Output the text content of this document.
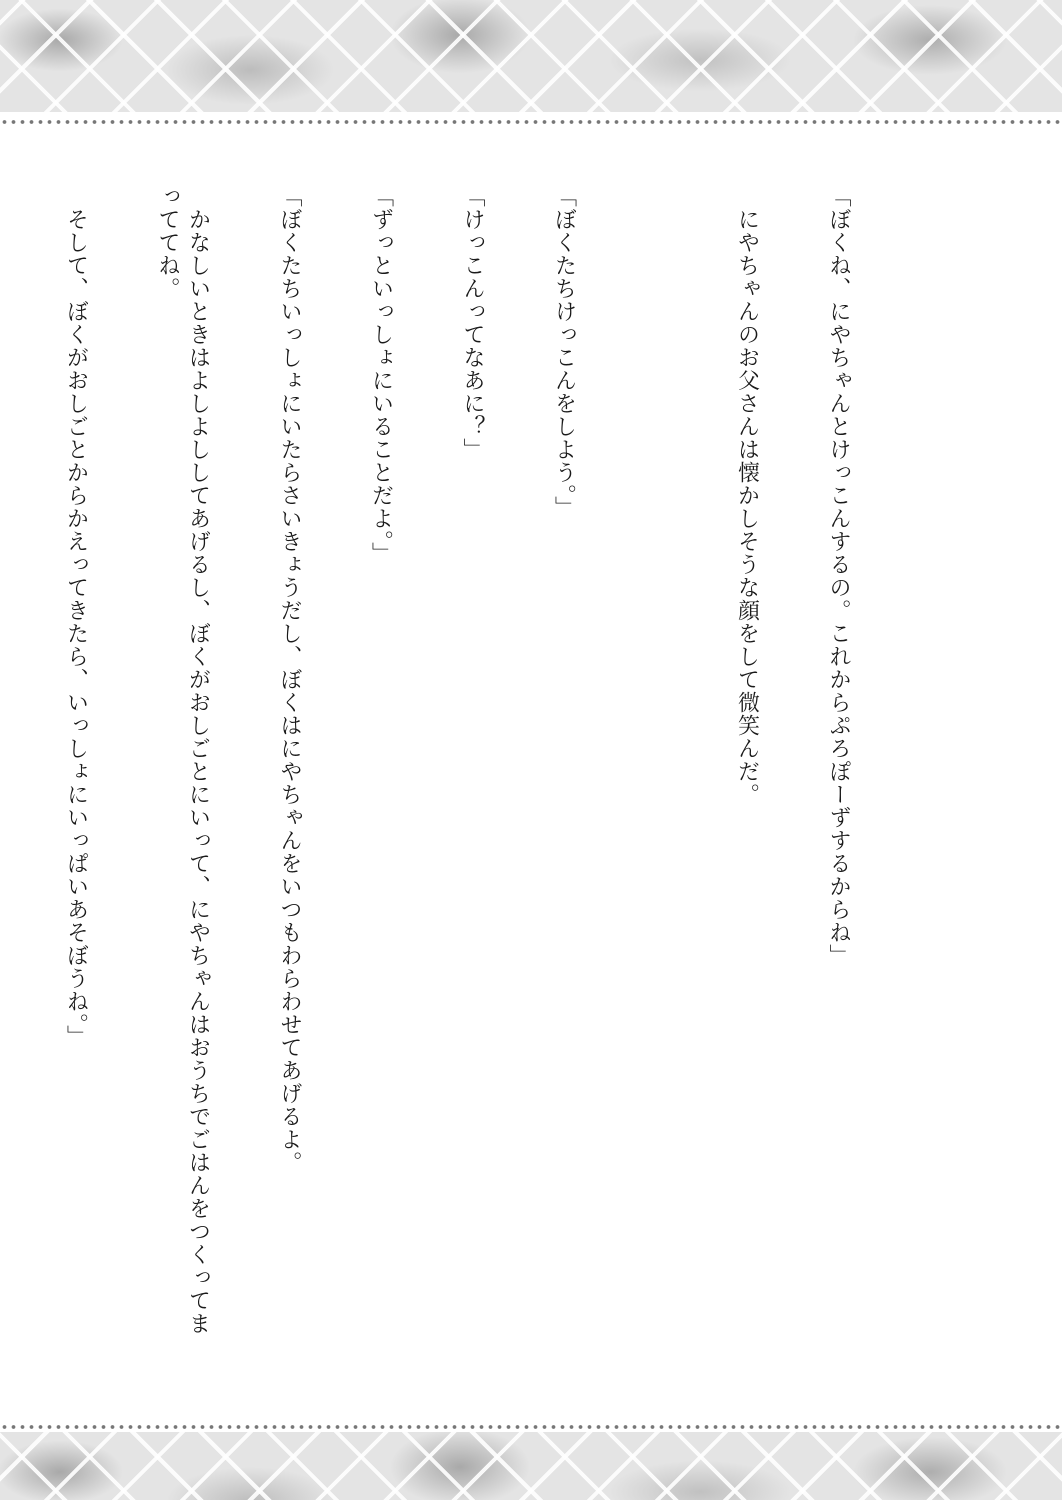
「ぼくね、にやちゃんとけっこんするの。これからぷろぽーずするからね」

　にやちゃんのお父さんは懐かしそうな顔をして微笑んだ。

「ぼくたちけっこんをしよう。」

「けっこんってなあに？」

「ずっといっしょにいることだよ。」

「ぼくたちいっしょにいたらさいきょうだし、ぼくはにやちゃんをいつもわらわせてあげるよ。

　かなしいときはよしよししてあげるし、ぼくがおしごとにいって、にやちゃんはおうちでごはんをつくってまっててね。

　そして、ぼくがおしごとからかえってきたら、いっしょにいっぱいあそぼうね。」
